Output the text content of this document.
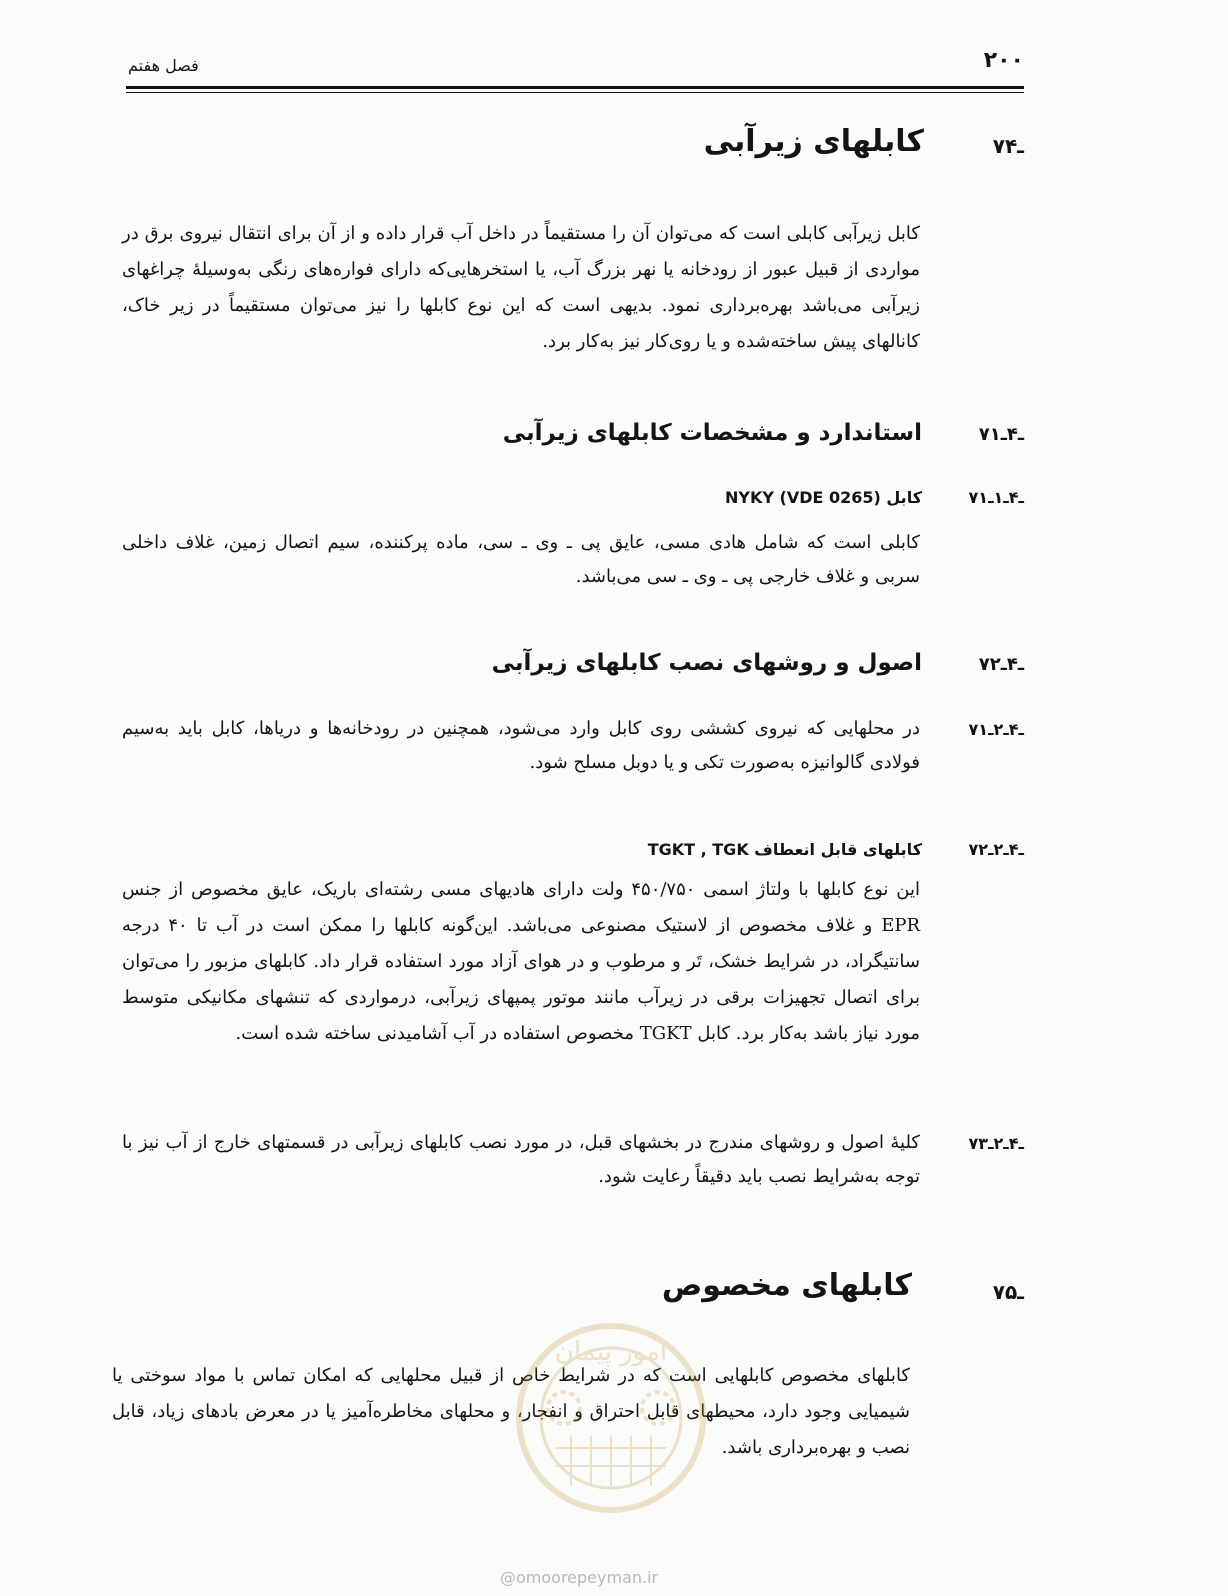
فصل هفتم	۲۰۰
۷ـ۴
کابلهای زیرآبی
کابل زیرآبی کابلی است که می‌توان آن را مستقیماً در داخل آب قرار داده و از آن برای انتقال نیروی برق در مواردی از قبیل عبور از رودخانه یا نهر بزرگ آب، یا استخرهایی‌که دارای فواره‌های رنگی به‌وسیلهٔ چراغهای زیرآبی می‌باشد بهره‌برداری نمود. بدیهی است که این نوع کابلها را نیز می‌توان مستقیماً در زیر خاک، کانالهای پیش ساخته‌شده و یا روی‌کار نیز به‌کار برد.
۷ـ۴ـ۱
استاندارد و مشخصات کابلهای زیرآبی
۷ـ۴ـ۱ـ۱
کابل NYKY (VDE 0265)
کابلی است که شامل هادی مسی، عایق پی ـ وی ـ سی، ماده پرکننده، سیم اتصال زمین، غلاف داخلی سربی و غلاف خارجی پی ـ وی ـ سی می‌باشد.
۷ـ۴ـ۲
اصول و روشهای نصب کابلهای زیرآبی
۷ـ۴ـ۲ـ۱
در محلهایی که نیروی کششی روی کابل وارد می‌شود، همچنین در رودخانه‌ها و دریاها، کابل باید به‌سیم فولادی گالوانیزه به‌صورت تکی و یا دوبل مسلح شود.
۷ـ۴ـ۲ـ۲
کابلهای قابل انعطاف TGKT , TGK
این نوع کابلها با ولتاژ اسمی ۴۵۰/۷۵۰ ولت دارای هادیهای مسی رشته‌ای باریک، عایق مخصوص از جنس EPR و غلاف مخصوص از لاستیک مصنوعی می‌باشد. این‌گونه کابلها را ممکن است در آب تا ۴۰ درجه سانتیگراد، در شرایط خشک، تَر و مرطوب و در هوای آزاد مورد استفاده قرار داد. کابلهای مزبور را می‌توان برای اتصال تجهیزات برقی در زیرآب مانند موتور پمپهای زیرآبی، درمواردی که تنشهای مکانیکی متوسط مورد نیاز باشد به‌کار برد. کابل TGKT مخصوص استفاده در آب آشامیدنی ساخته شده است.
۷ـ۴ـ۲ـ۳
کلیهٔ اصول و روشهای مندرج در بخشهای قبل، در مورد نصب کابلهای زیرآبی در قسمتهای خارج از آب نیز با توجه به‌شرایط نصب باید دقیقاً رعایت شود.
۷ـ۵
کابلهای مخصوص
کابلهای مخصوص کابلهایی است که در شرایط خاص از قبیل محلهایی که امکان تماس با مواد سوختی یا شیمیایی وجود دارد، محیطهای قابل احتراق و انفجار، و محلهای مخاطره‌آمیز یا در معرض بادهای زیاد، قابل نصب و بهره‌برداری باشد.
امور پیمان
@omoorepeyman.ir
